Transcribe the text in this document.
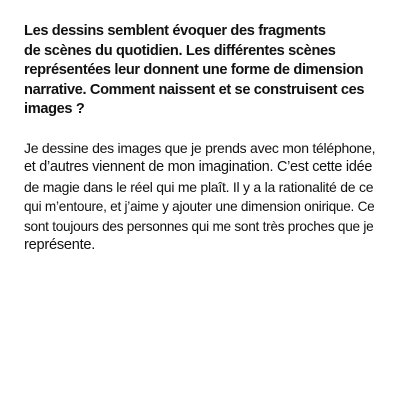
Les dessins semblent évoquer des fragments
de scènes du quotidien. Les différentes scènes
représentées leur donnent une forme de dimension
narrative. Comment naissent et se construisent ces
images ?
Je dessine des images que je prends avec mon téléphone,
et d’autres viennent de mon imagination. C’est cette idée
de magie dans le réel qui me plaît. Il y a la rationalité de ce
qui m’entoure, et j’aime y ajouter une dimension onirique. Ce
sont toujours des personnes qui me sont très proches que je
représente.
